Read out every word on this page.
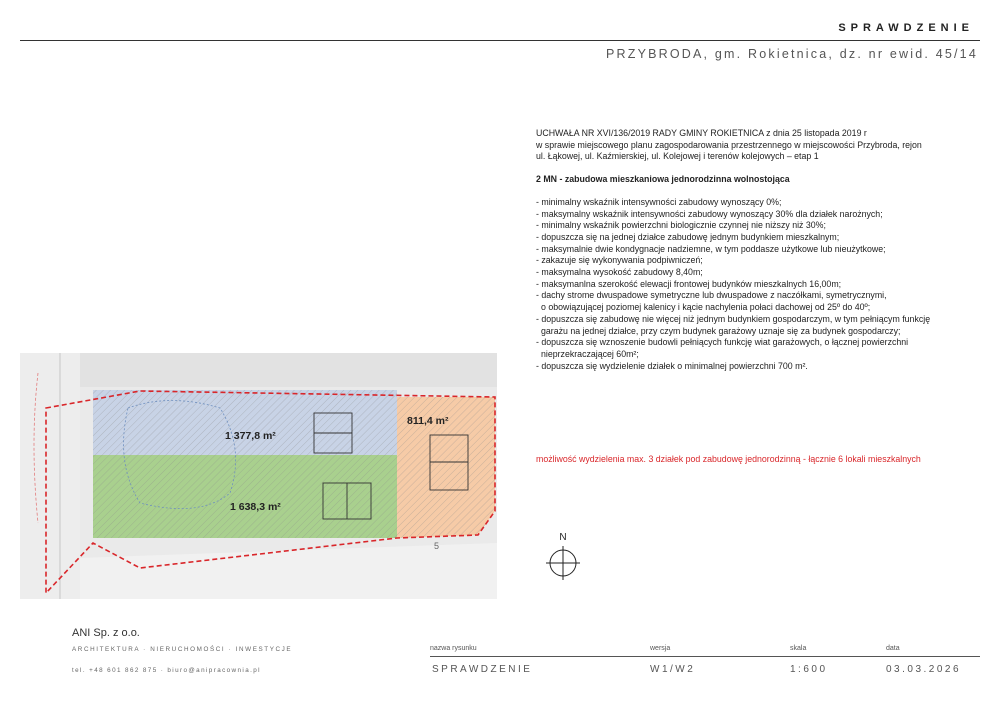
SPRAWDZENIE
PRZYBRODA, gm. Rokietnica, dz. nr ewid. 45/14

UCHWAŁA NR XVI/136/2019 RADY GMINY ROKIETNICA z dnia 25 listopada 2019 r
w sprawie miejscowego planu zagospodarowania przestrzennego w miejscowości Przybroda, rejon
ul. Łąkowej, ul. Kaźmierskiej, ul. Kolejowej i terenów kolejowych – etap 1

2 MN - zabudowa mieszkaniowa jednorodzinna wolnostojąca

- minimalny wskaźnik intensywności zabudowy wynoszący 0%;

- maksymalny wskaźnik intensywności zabudowy wynoszący 30% dla działek narożnych;

- minimalny wskaźnik powierzchni biologicznie czynnej nie niższy niż 30%;

- dopuszcza się na jednej działce zabudowę jednym budynkiem mieszkalnym;

- maksymalnie dwie kondygnacje nadziemne, w tym poddasze użytkowe lub nieużytkowe;

- zakazuje się wykonywania podpiwniczeń;

- maksymalna wysokość zabudowy 8,40m;

- maksymanlna szerokość elewacji frontowej budynków mieszkalnych 16,00m;

- dachy strome dwuspadowe symetryczne lub dwuspadowe z naczółkami, symetrycznymi,

o obowiązującej poziomej kalenicy i kącie nachylenia połaci dachowej od 25º do 40º;

- dopuszcza się zabudowę nie więcej niż jednym budynkiem gospodarczym, w tym pełniącym funkcję

garażu na jednej działce, przy czym budynek garażowy uznaje się za budynek gospodarczy;

- dopuszcza się wznoszenie budowli pełniących funkcję wiat garażowych, o łącznej powierzchni

nieprzekraczającej 60m²;

- dopuszcza się wydzielenie działek o minimalnej powierzchni 700 m².

możliwość wydzielenia max. 3 działek pod zabudowę jednorodzinną - łącznie 6 lokali mieszkalnych
1 377,8 m²
1 638,3 m²
811,4 m²
5
N
ANI Sp. z o.o.
ARCHITEKTURA · NIERUCHOMOŚCI · INWESTYCJE
tel. +48 601 862 875 · biuro@anipracownia.pl
nazwa rysunku
SPRAWDZENIE
wersja
W1/W2
skala
1:600
data
03.03.2026
